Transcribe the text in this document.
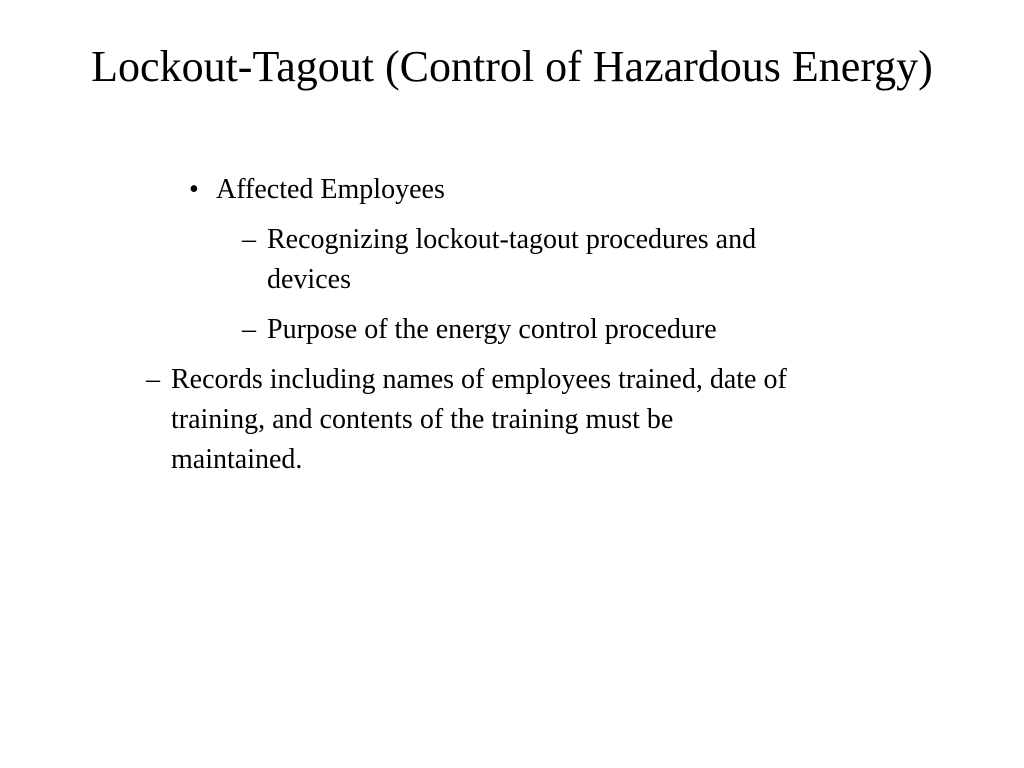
Lockout-Tagout (Control of Hazardous Energy)
• Affected Employees
– Recognizing lockout-tagout procedures and
devices
– Purpose of the energy control procedure
– Records including names of employees trained, date of
training, and contents of the training must be
maintained.
